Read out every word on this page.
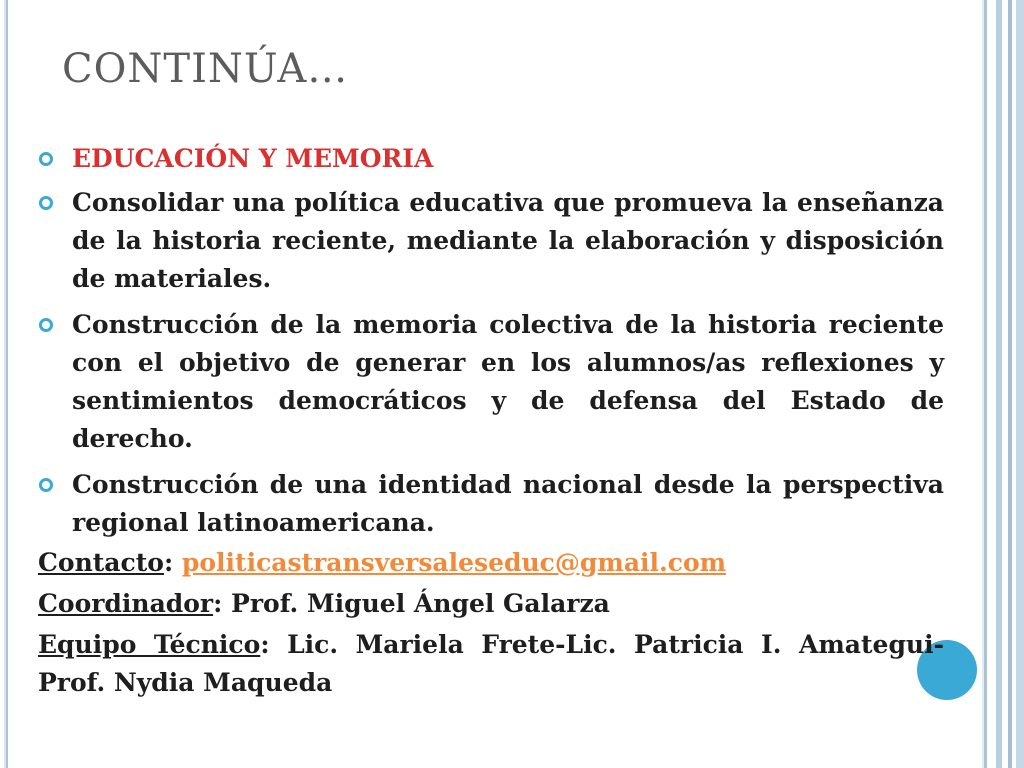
CONTINÚA…
EDUCACIÓN Y MEMORIA
Consolidar una política educativa que promueva la enseñanza de la historia reciente, mediante la elaboración y disposición de materiales.
Construcción de la memoria colectiva de la historia reciente con el objetivo de generar en los alumnos/as reflexiones y sentimientos democráticos y de defensa del Estado de derecho.
Construcción de una identidad nacional desde la perspectiva regional latinoamericana.

Contacto: politicastransversaleseduc@gmail.com

Coordinador: Prof. Miguel Ángel Galarza

Equipo Técnico: Lic. Mariela Frete-Lic. Patricia I. Amategui-Prof. Nydia Maqueda
